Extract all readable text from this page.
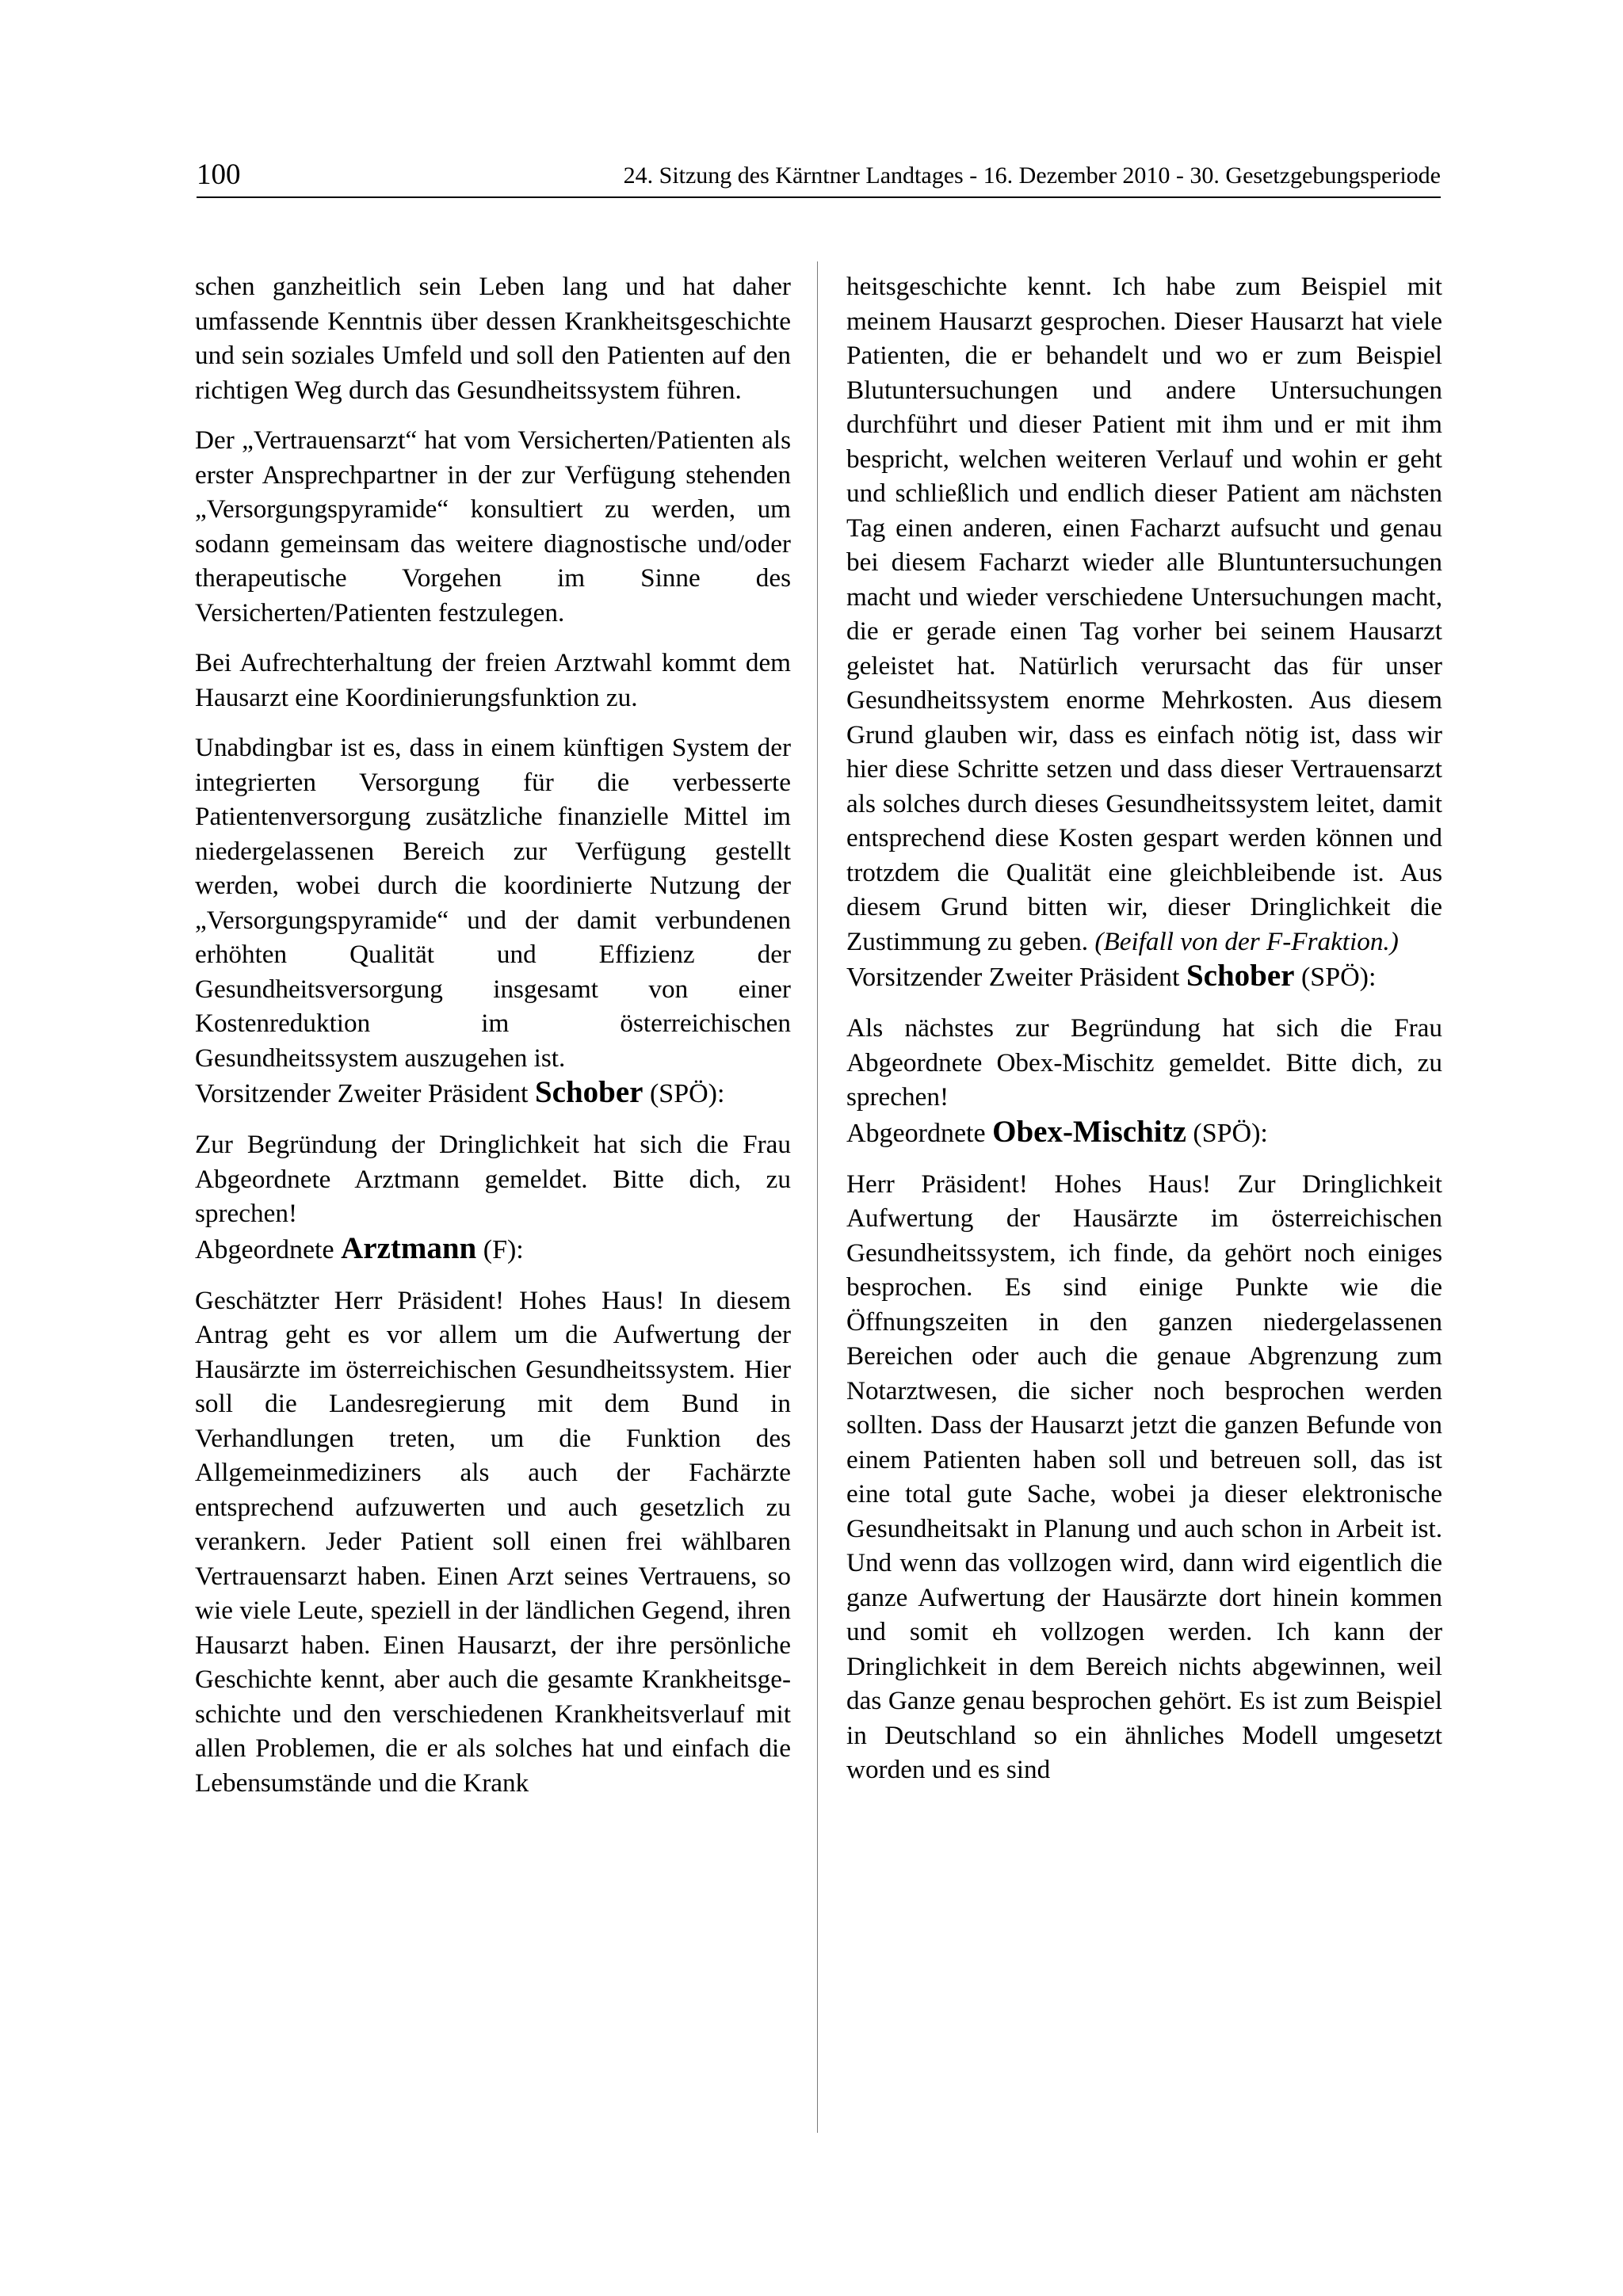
100	24. Sitzung des Kärntner Landtages - 16. Dezember 2010 - 30. Gesetzgebungsperiode

schen ganzheitlich sein Leben lang und hat daher umfassende Kenntnis über dessen Krankheitsgeschichte und sein soziales Umfeld und soll den Patienten auf den richtigen Weg durch das Gesundheitssystem führen.

Der „Vertrauensarzt“ hat vom Versicherten/Patienten als erster Ansprechpartner in der zur Verfügung stehenden „Versorgungspyramide“ konsultiert zu werden, um sodann gemeinsam das weitere diagnostische und/oder therapeutische Vorgehen im Sinne des Versicherten/Patienten festzulegen.

Bei Aufrechterhaltung der freien Arztwahl kommt dem Hausarzt eine Koordinierungsfunktion zu.

Unabdingbar ist es, dass in einem künftigen System der integrierten Versorgung für die verbesserte Patientenversorgung zusätzliche finanzielle Mittel im niedergelassenen Bereich zur Verfügung gestellt werden, wobei durch die koordinierte Nutzung der „Versorgungspyramide“ und der damit verbundenen erhöhten Qualität und Effizienz der Gesundheitsversorgung insgesamt von einer Kostenreduktion im österreichischen Gesundheitssystem auszugehen ist.

Vorsitzender Zweiter Präsident Schober (SPÖ):

Zur Begründung der Dringlichkeit hat sich die Frau Abgeordnete Arztmann gemeldet. Bitte dich, zu sprechen!

Abgeordnete Arztmann (F):

Geschätzter Herr Präsident! Hohes Haus! In diesem Antrag geht es vor allem um die Aufwertung der Hausärzte im österreichischen Gesundheitssystem. Hier soll die Landesregierung mit dem Bund in Verhandlungen treten, um die Funktion des Allgemeinmediziners als auch der Fachärzte entsprechend aufzuwerten und auch gesetzlich zu verankern. Jeder Patient soll einen frei wählbaren Vertrauensarzt haben. Einen Arzt seines Vertrauens, so wie viele Leute, speziell in der ländlichen Gegend, ihren Hausarzt haben. Einen Hausarzt, der ihre persönliche Geschichte kennt, aber auch die gesamte Krankheitsgeschichte und den verschiedenen Krankheitsverlauf mit allen Problemen, die er als solches hat und einfach die Lebensumstände und die Krank

heitsgeschichte kennt. Ich habe zum Beispiel mit meinem Hausarzt gesprochen. Dieser Hausarzt hat viele Patienten, die er behandelt und wo er zum Beispiel Blutuntersuchungen und andere Untersuchungen durchführt und dieser Patient mit ihm und er mit ihm bespricht, welchen weiteren Verlauf und wohin er geht und schließlich und endlich dieser Patient am nächsten Tag einen anderen, einen Facharzt aufsucht und genau bei diesem Facharzt wieder alle Bluntuntersuchungen macht und wieder verschiedene Untersuchungen macht, die er gerade einen Tag vorher bei seinem Hausarzt geleistet hat. Natürlich verursacht das für unser Gesundheitssystem enorme Mehrkosten. Aus diesem Grund glauben wir, dass es einfach nötig ist, dass wir hier diese Schritte setzen und dass dieser Vertrauensarzt als solches durch dieses Gesundheitssystem leitet, damit entsprechend diese Kosten gespart werden können und trotzdem die Qualität eine gleichbleibende ist. Aus diesem Grund bitten wir, dieser Dringlichkeit die Zustimmung zu geben. (Beifall von der F-Fraktion.)

Vorsitzender Zweiter Präsident Schober (SPÖ):

Als nächstes zur Begründung hat sich die Frau Abgeordnete Obex-Mischitz gemeldet. Bitte dich, zu sprechen!

Abgeordnete Obex-Mischitz (SPÖ):

Herr Präsident! Hohes Haus! Zur Dringlichkeit Aufwertung der Hausärzte im österreichischen Gesundheitssystem, ich finde, da gehört noch einiges besprochen. Es sind einige Punkte wie die Öffnungszeiten in den ganzen niedergelassenen Bereichen oder auch die genaue Abgrenzung zum Notarztwesen, die sicher noch besprochen werden sollten. Dass der Hausarzt jetzt die ganzen Befunde von einem Patienten haben soll und betreuen soll, das ist eine total gute Sache, wobei ja dieser elektronische Gesundheitsakt in Planung und auch schon in Arbeit ist. Und wenn das vollzogen wird, dann wird eigentlich die ganze Aufwertung der Hausärzte dort hinein kommen und somit eh vollzogen werden. Ich kann der Dringlichkeit in dem Bereich nichts abgewinnen, weil das Ganze genau besprochen gehört. Es ist zum Beispiel in Deutschland so ein ähnliches Modell umgesetzt worden und es sind
